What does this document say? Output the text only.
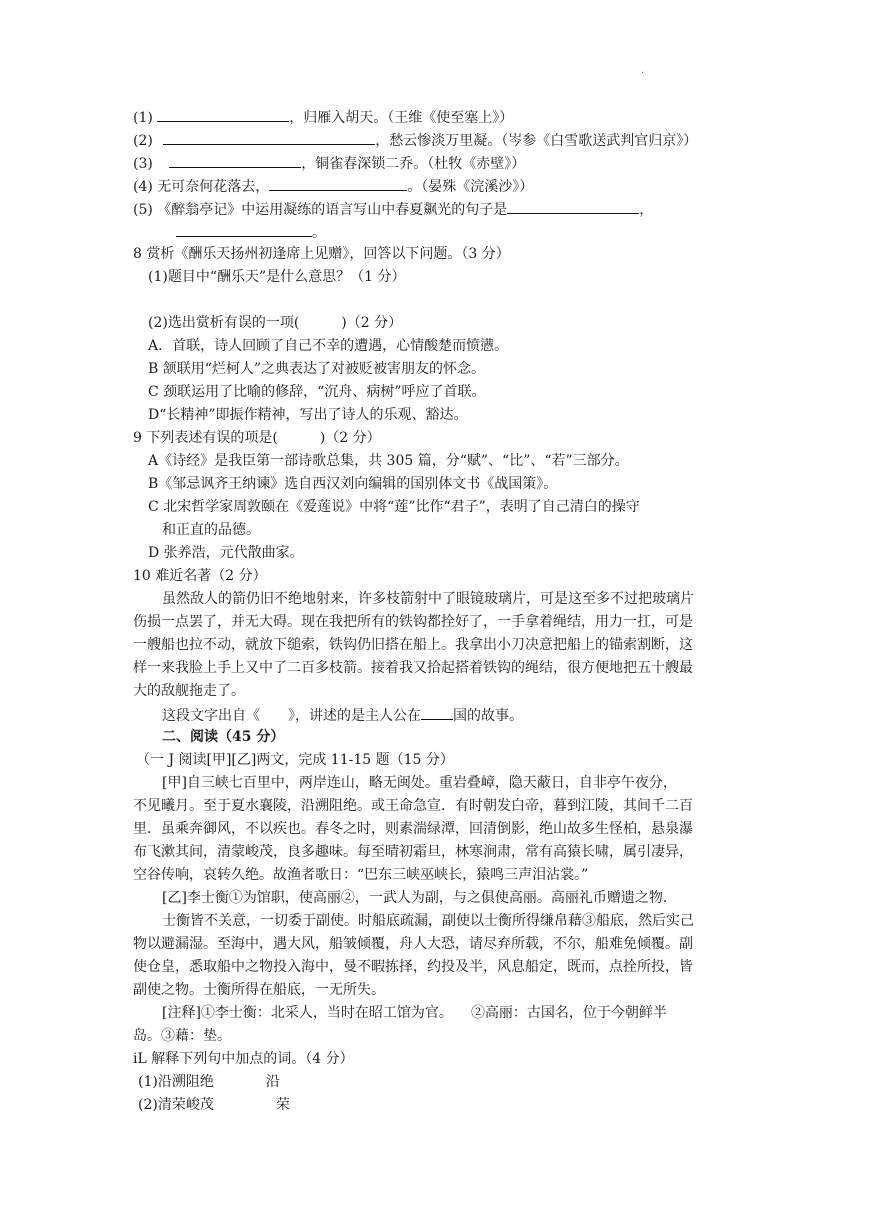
·
(1)	，归雁入胡天。（王维《使至塞上》）
(2)	，愁云惨淡万里凝。（岑参《白雪歌送武判官归京》）
(3)	，铜雀春深锁二乔。（杜牧《赤壁》）
(4) 无可奈何花落去，	。（晏殊《浣溪沙》）
(5) 《醉翁亭记》中运用凝练的语言写山中春夏飙光的句子是	，
。
8 赏析《酬乐天扬州初逢席上见赠》，回答以下问题。（3 分）
(1)题目中“酬乐天”是什么意思？（1 分）
(2)选出赏析有误的一项(　　　)（2 分）
A．首联，诗人回顾了自己不幸的遭遇，心情酸楚而愤懑。
B 颔联用“烂柯人”之典表达了对被贬被害朋友的怀念。
C 颈联运用了比喻的修辞，“沉舟、病树”呼应了首联。
D“长精神”即振作精神，写出了诗人的乐观、豁达。
9 下列表述有误的项是(　　　)（2 分）
A《诗经》是我臣第一部诗歌总集，共 305 篇，分“赋”、“比”、“若”三部分。
B《邹忌讽齐王纳谏》选自西汉刘向编辑的国别体文书《战国策》。
C 北宋哲学家周敦颐在《爱莲说》中将“莲”比作“君子”，表明了自己清白的操守
和正直的品德。
D 张养浩，元代散曲家。
10 难近名著（2 分）
虽然敌人的箭仍旧不绝地射来，许多枝箭射中了眼镜玻璃片，可是这至多不过把玻璃片
伤损一点罢了，并无大碍。现在我把所有的铁钩都拴好了，一手拿着绳结，用力一扛，可是
一艘船也拉不动，就放下缒索，铁钩仍旧搭在船上。我拿出小刀决意把船上的锚索割断，这
样一来我脸上手上又中了二百多枝箭。接着我又拾起搭着铁钩的绳结，很方便地把五十艘最
大的敌舰拖走了。
这段文字出自《　　》，讲述的是主人公在 国的故事。
二、阅读（45 分）
（一 J 阅读[甲][乙]两文，完成 11-15 题（15 分）
[甲]自三峡七百里中，两岸连山，略无闽处。重岩叠嶂，隐天蔽日，自非亭午夜分，
不见曦月。至于夏水襄陵，沿溯阻绝。或王命急宣．有时朝发白帝，暮到江陵，其间千二百
里．虽乘奔御风，不以疾也。春冬之时，则素湍绿潭，回清倒影，绝山故多生怪柏，悬泉瀑
布飞漱其间，清蒙峻茂，良多趣味。每至晴初霜旦，林寒涧肃，常有高猿长啸，属引凄异，
空谷传响，哀转久绝。故渔者歌日：“巴东三峡巫峡长，猿鸣三声泪沾裳。”
[乙]李士衡①为馆职，使高丽②，一武人为副，与之俱使高丽。高丽礼币赠遗之物．
士衡皆不关意，一切委于副使。时船底疏漏，副使以士衡所得缣帛藉③船底，然后实己
物以避漏湿。至海中，遇大风，船皱倾覆，舟人大恐，请尽弃所载，不尔，船难免倾覆。副
使仓皇，悉取船中之物投入海中，曼不暇拣择，约投及半，风息船定，既而，点拴所投，皆
副使之物。士衡所得在船底，一无所失。
[注释]①李士衡：北采人，当时在昭工馆为官。 ②高丽：古国名，位于今朝鲜半
岛。③藉：垫。
iL 解释下列句中加点的词。（4 分）
(1)沿溯阻绝	沿
(2)清荣峻茂	荣
